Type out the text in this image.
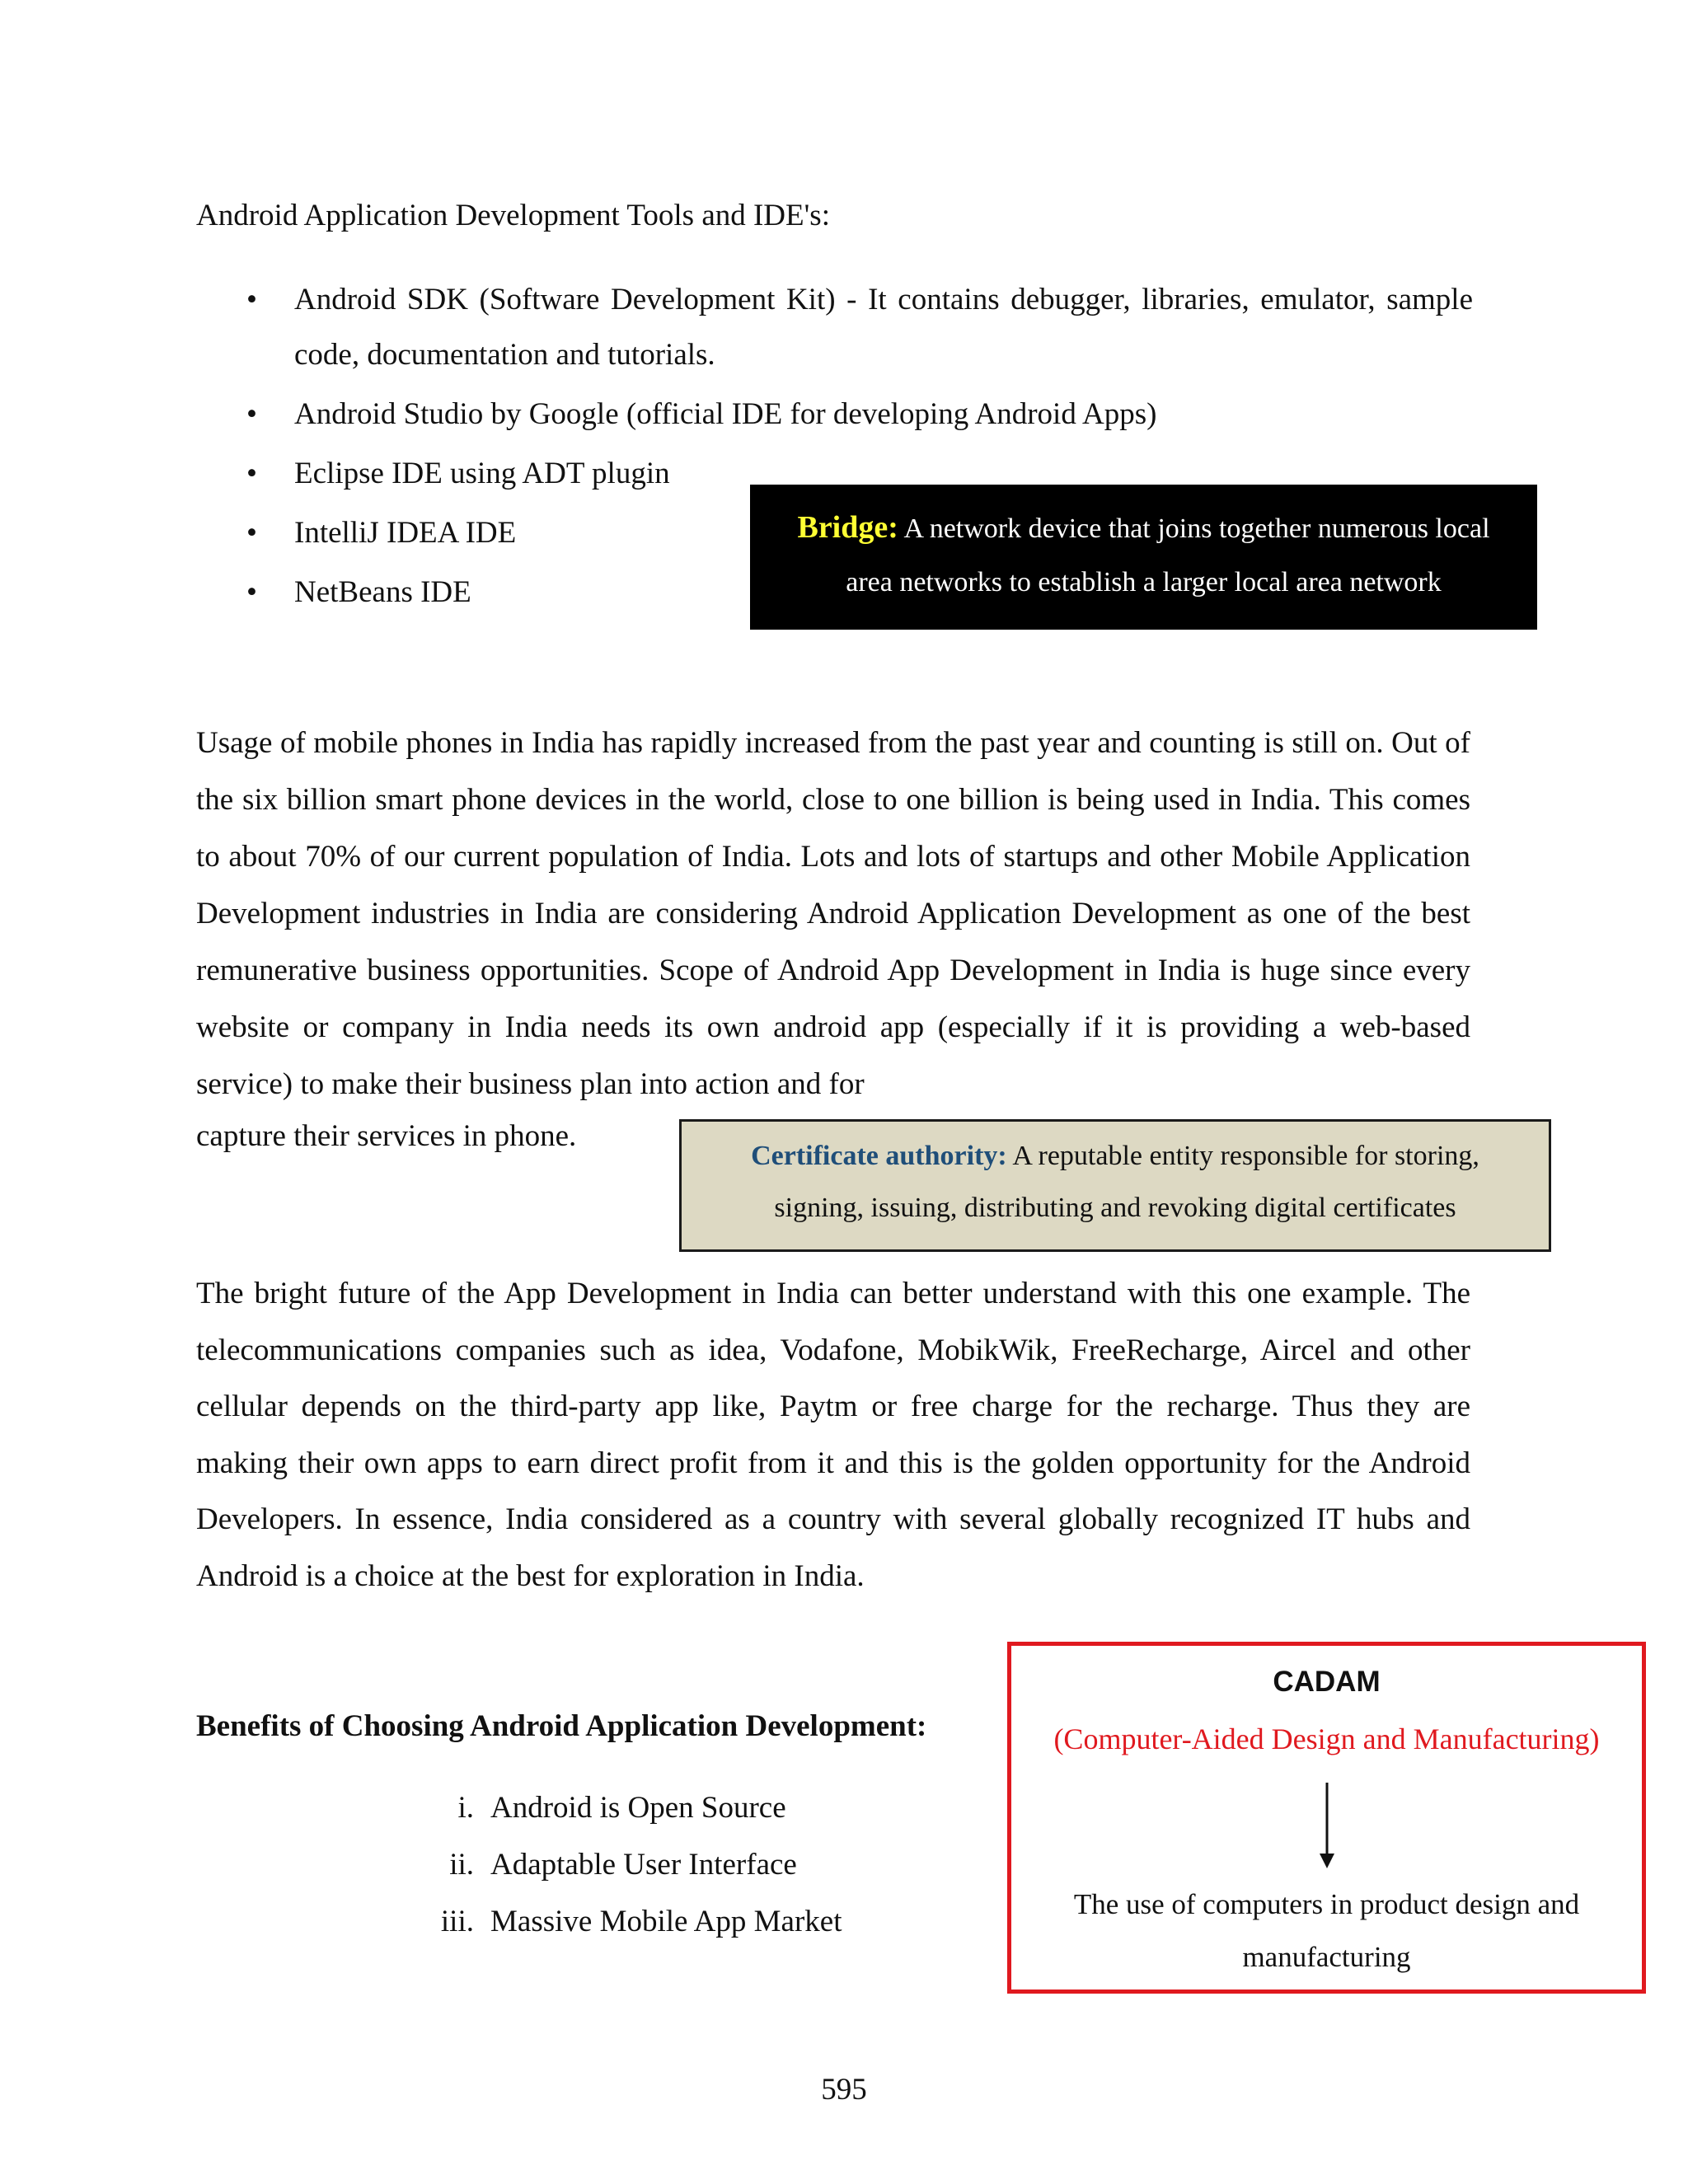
Android Application Development Tools and IDE's:
• Android SDK (Software Development Kit) - It contains debugger, libraries, emulator, sample code, documentation and tutorials.
• Android Studio by Google (official IDE for developing Android Apps)
• Eclipse IDE using ADT plugin
• IntelliJ IDEA IDE
• NetBeans IDE
Bridge: A network device that joins together numerous local
area networks to establish a larger local area network
Usage of mobile phones in India has rapidly increased from the past year and counting is still on. Out of the six billion smart phone devices in the world, close to one billion is being used in India. This comes to about 70% of our current population of India. Lots and lots of startups and other Mobile Application Development industries in India are considering Android Application Development as one of the best remunerative business opportunities. Scope of Android App Development in India is huge since every website or company in India needs its own android app (especially if it is providing a web-based service) to make their business plan into action and for
capture their services in phone.
Certificate authority: A reputable entity responsible for storing,
signing, issuing, distributing and revoking digital certificates
The bright future of the App Development in India can better understand with this one example. The telecommunications companies such as idea, Vodafone, MobikWik, FreeRecharge, Aircel and other cellular depends on the third-party app like, Paytm or free charge for the recharge. Thus they are making their own apps to earn direct profit from it and this is the golden opportunity for the Android Developers. In essence, India considered as a country with several globally recognized IT hubs and Android is a choice at the best for exploration in India.
Benefits of Choosing Android Application Development:
i. Android is Open Source
ii. Adaptable User Interface
iii. Massive Mobile App Market
CADAM
(Computer-Aided Design and Manufacturing)
The use of computers in product design and
manufacturing
595
